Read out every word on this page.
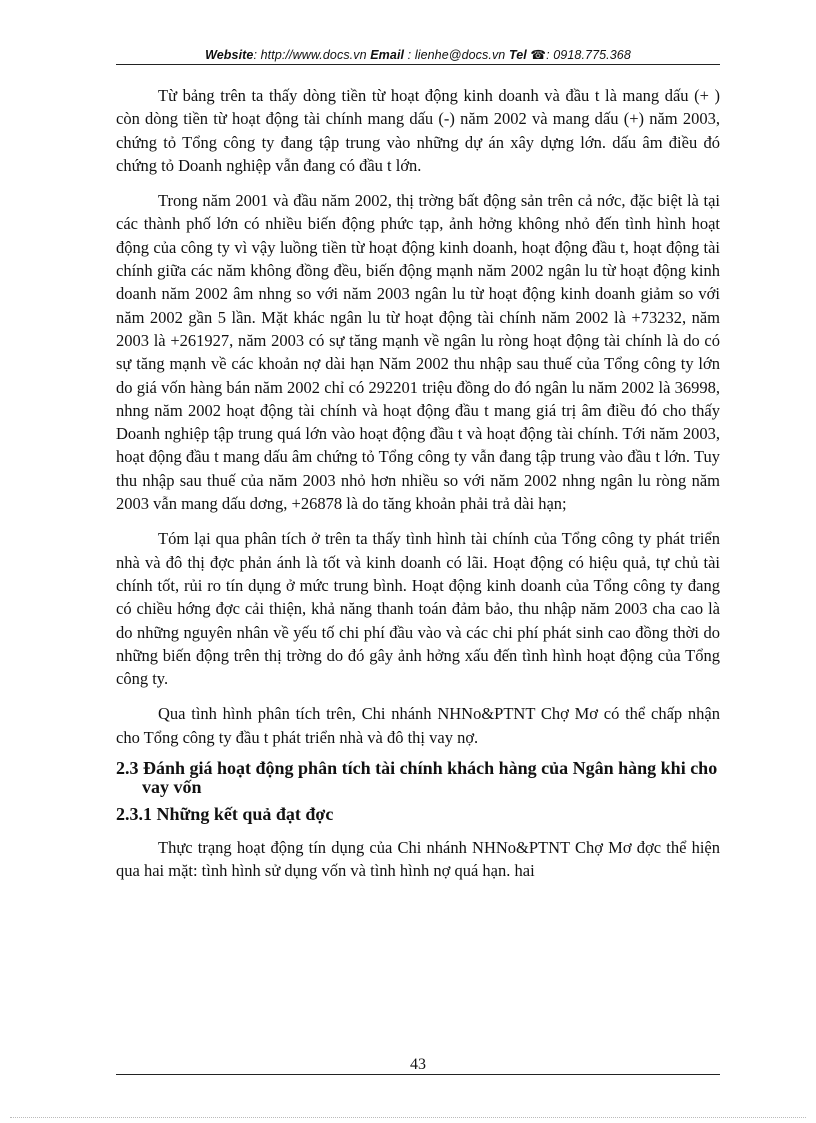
Website: http://www.docs.vn Email : lienhe@docs.vn Tel ☎: 0918.775.368

Từ bảng trên ta thấy dòng tiền từ hoạt động kinh doanh và đầu t là mang dấu (+ ) còn dòng tiền từ hoạt động tài chính mang dấu (-) năm 2002 và mang dấu (+) năm 2003, chứng tỏ Tổng công ty đang tập trung vào những dự án xây dựng lớn. dấu âm điều đó chứng tỏ Doanh nghiệp vẫn đang có đầu t lớn.

Trong năm 2001 và đầu năm 2002, thị trờng bất động sản trên cả nớc, đặc biệt là tại các thành phố lớn có nhiều biến động phức tạp, ảnh hởng không nhỏ đến tình hình hoạt động của công ty vì vậy luồng tiền từ hoạt động kinh doanh, hoạt động đầu t, hoạt động tài chính giữa các năm không đồng đều, biến động mạnh năm 2002 ngân lu từ hoạt động kinh doanh năm 2002 âm nhng so với năm 2003 ngân lu từ hoạt động kinh doanh giảm so với năm 2002 gần 5 lần. Mặt khác ngân lu từ hoạt động tài chính năm 2002 là +73232, năm 2003 là +261927, năm 2003 có sự tăng mạnh về ngân lu ròng hoạt động tài chính là do có sự tăng mạnh về các khoản nợ dài hạn Năm 2002 thu nhập sau thuế của Tổng công ty lớn do giá vốn hàng bán năm 2002 chỉ có 292201 triệu đồng do đó ngân lu năm 2002 là 36998, nhng năm 2002 hoạt động tài chính và hoạt động đầu t mang giá trị âm điều đó cho thấy Doanh nghiệp tập trung quá lớn vào hoạt động đầu t và hoạt động tài chính. Tới năm 2003, hoạt động đầu t mang dấu âm chứng tỏ Tổng công ty vẫn đang tập trung vào đầu t lớn. Tuy thu nhập sau thuế của năm 2003 nhỏ hơn nhiều so với năm 2002 nhng ngân lu ròng năm 2003 vẫn mang dấu dơng, +26878 là do tăng khoản phải trả dài hạn;

Tóm lại qua phân tích ở trên ta thấy tình hình tài chính của Tổng công ty phát triển nhà và đô thị đợc phản ánh là tốt và kinh doanh có lãi. Hoạt động có hiệu quả, tự chủ tài chính tốt, rủi ro tín dụng ở mức trung bình. Hoạt động kinh doanh của Tổng công ty đang có chiều hớng đợc cải thiện, khả năng thanh toán đảm bảo, thu nhập năm 2003 cha cao là do những nguyên nhân về yếu tố chi phí đầu vào và các chi phí phát sinh cao đồng thời do những biến động trên thị trờng do đó gây ảnh hởng xấu đến tình hình hoạt động của Tổng công ty.

Qua tình hình phân tích trên, Chi nhánh NHNo&PTNT Chợ Mơ có thể chấp nhận cho Tổng công ty đầu t phát triển nhà và đô thị vay nợ.

2.3 Đánh giá hoạt động phân tích tài chính khách hàng của Ngân hàng khi cho vay vốn
2.3.1 Những kết quả đạt đợc

Thực trạng hoạt động tín dụng của Chi nhánh NHNo&PTNT Chợ Mơ đợc thể hiện qua hai mặt: tình hình sử dụng vốn và tình hình nợ quá hạn. hai

43
